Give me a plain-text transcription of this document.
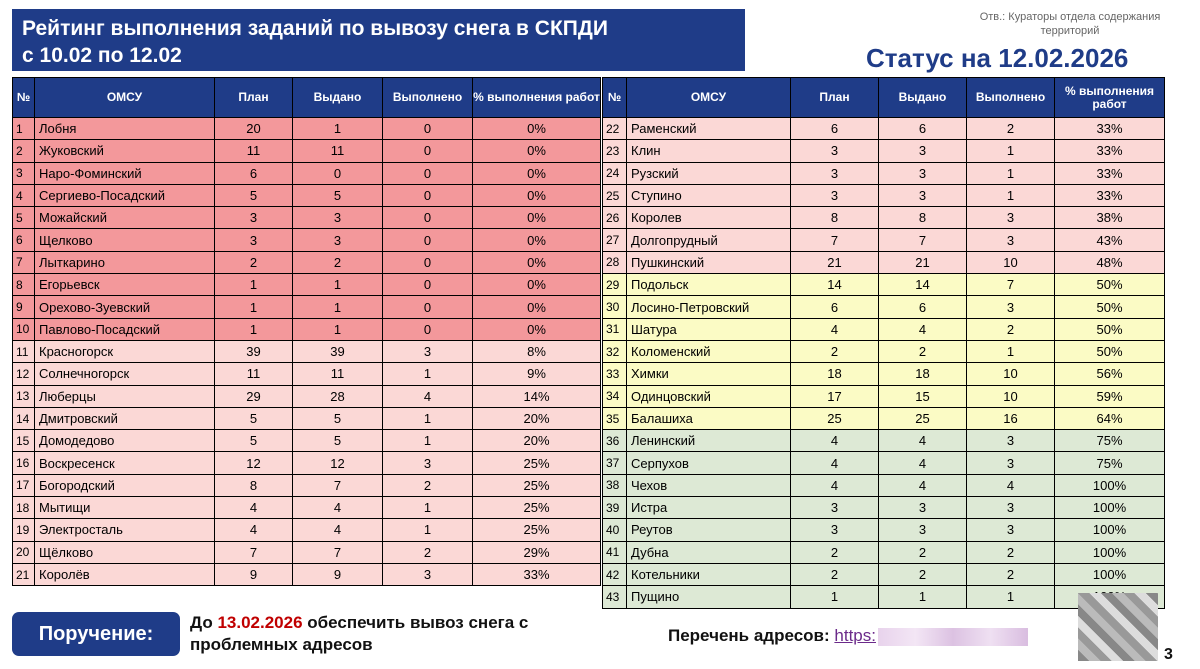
Рейтинг выполнения заданий по вывозу снега в СКПДИ
с 10.02 по 12.02
Отв.: Кураторы отдела содержания территорий
Статус на 12.02.2026
№	ОМСУ	План	Выдано	Выполнено	% выполнения работ
1	Лобня	20	1	0	0%
2	Жуковский	11	11	0	0%
3	Наро-Фоминский	6	0	0	0%
4	Сергиево-Посадский	5	5	0	0%
5	Можайский	3	3	0	0%
6	Щелково	3	3	0	0%
7	Лыткарино	2	2	0	0%
8	Егорьевск	1	1	0	0%
9	Орехово-Зуевский	1	1	0	0%
10	Павлово-Посадский	1	1	0	0%
11	Красногорск	39	39	3	8%
12	Солнечногорск	11	11	1	9%
13	Люберцы	29	28	4	14%
14	Дмитровский	5	5	1	20%
15	Домодедово	5	5	1	20%
16	Воскресенск	12	12	3	25%
17	Богородский	8	7	2	25%
18	Мытищи	4	4	1	25%
19	Электросталь	4	4	1	25%
20	Щёлково	7	7	2	29%
21	Королёв	9	9	3	33%
№	ОМСУ	План	Выдано	Выполнено	% выполнения работ
22	Раменский	6	6	2	33%
23	Клин	3	3	1	33%
24	Рузский	3	3	1	33%
25	Ступино	3	3	1	33%
26	Королев	8	8	3	38%
27	Долгопрудный	7	7	3	43%
28	Пушкинский	21	21	10	48%
29	Подольск	14	14	7	50%
30	Лосино-Петровский	6	6	3	50%
31	Шатура	4	4	2	50%
32	Коломенский	2	2	1	50%
33	Химки	18	18	10	56%
34	Одинцовский	17	15	10	59%
35	Балашиха	25	25	16	64%
36	Ленинский	4	4	3	75%
37	Серпухов	4	4	3	75%
38	Чехов	4	4	4	100%
39	Истра	3	3	3	100%
40	Реутов	3	3	3	100%
41	Дубна	2	2	2	100%
42	Котельники	2	2	2	100%
43	Пущино	1	1	1	
Поручение:	До 13.02.2026 обеспечить вывоз снега с проблемных адресов	Перечень адресов: https:
3
